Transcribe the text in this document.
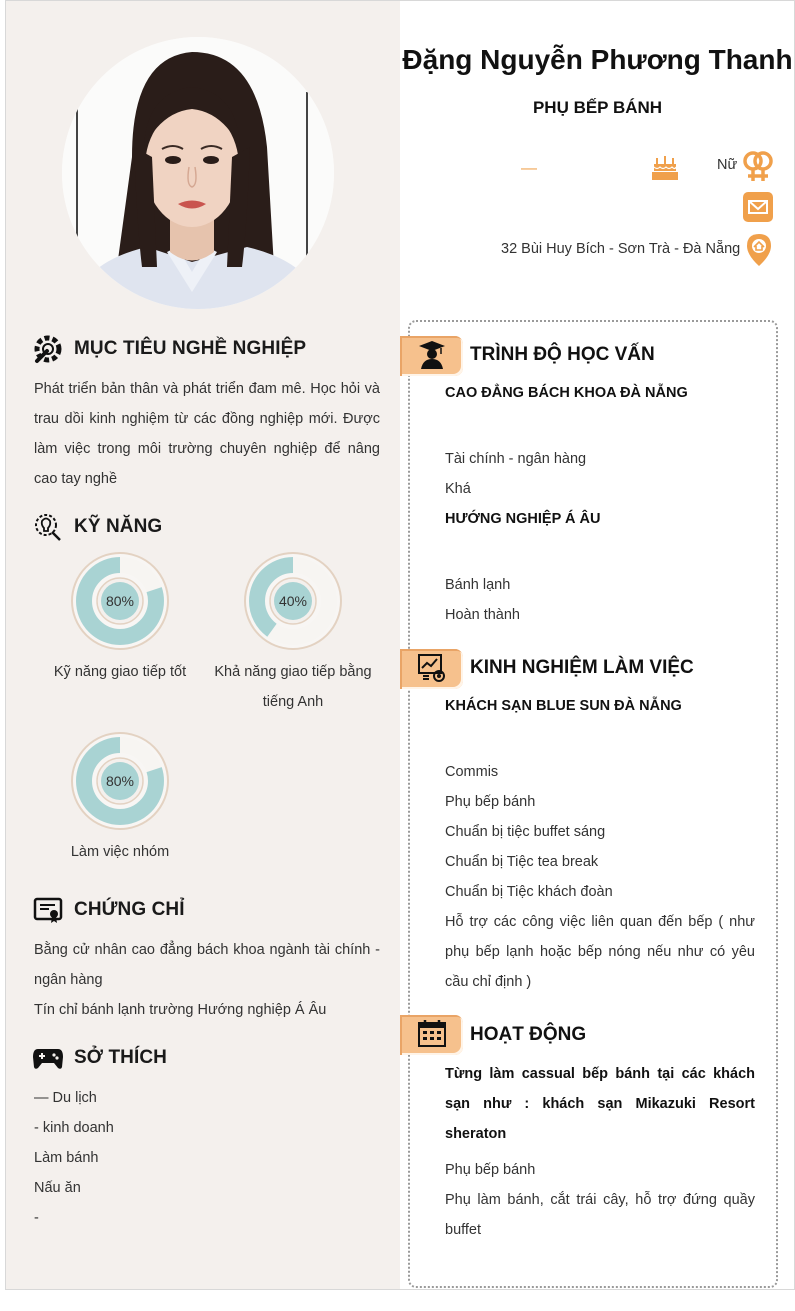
MỤC TIÊU NGHỀ NGHIỆP
Phát triển bản thân và phát triển đam mê. Học hỏi và trau dồi kinh nghiệm từ các đồng nghiệp mới. Được làm việc trong môi trường chuyên nghiệp để nâng cao tay nghề
KỸ NĂNG
80%	40%
80%
Kỹ năng giao tiếp tốt	Khả năng giao tiếp bằng tiếng Anh
Làm việc nhóm
CHỨNG CHỈ
Bằng cử nhân cao đẳng bách khoa ngành tài chính - ngân hàng
Tín chỉ bánh lạnh trường Hướng nghiệp Á Âu
SỞ THÍCH
— Du lịch
- kinh doanh
Làm bánh
Nấu ăn
-
Đặng Nguyễn Phương Thanh
PHỤ BẾP BÁNH
—	Nữ
32 Bùi Huy Bích - Sơn Trà - Đà Nẵng
TRÌNH ĐỘ HỌC VẤN
CAO ĐẲNG BÁCH KHOA ĐÀ NẴNG
Tài chính - ngân hàng
Khá
HƯỚNG NGHIỆP Á ÂU
Bánh lạnh
Hoàn thành
KINH NGHIỆM LÀM VIỆC
KHÁCH SẠN BLUE SUN ĐÀ NẴNG
Commis
Phụ bếp bánh
Chuẩn bị tiệc buffet sáng
Chuẩn bị Tiệc tea break
Chuẩn bị Tiệc khách đoàn
Hỗ trợ các công việc liên quan đến bếp ( như phụ bếp lạnh hoặc bếp nóng nếu như có yêu cầu chỉ định )
HOẠT ĐỘNG
Từng làm cassual bếp bánh tại các khách sạn như : khách sạn Mikazuki Resort sheraton
Phụ bếp bánh
Phụ làm bánh, cắt trái cây, hỗ trợ đứng quầy buffet
